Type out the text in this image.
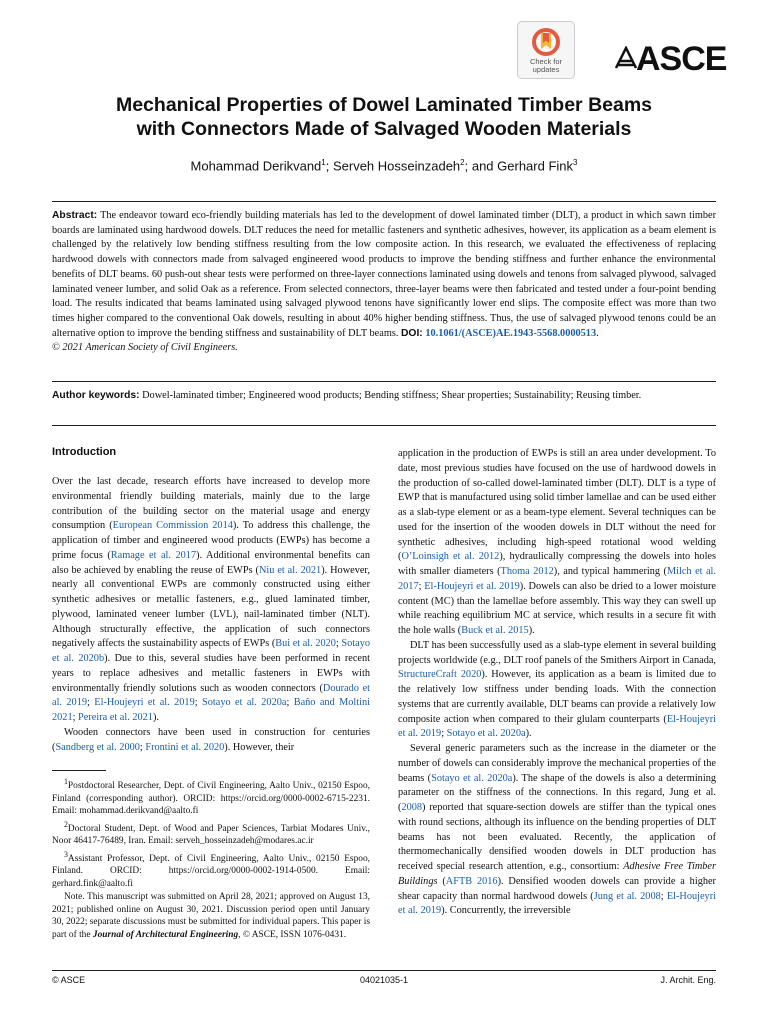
Check for
updates	ASCE
Mechanical Properties of Dowel Laminated Timber Beams
with Connectors Made of Salvaged Wooden Materials
Mohammad Derikvand$^1$; Serveh Hosseinzadeh$^2$; and Gerhard Fink$^3$
Abstract: The endeavor toward eco-friendly building materials has led to the development of dowel laminated timber (DLT), a product in which sawn timber boards are laminated using hardwood dowels. DLT reduces the need for metallic fasteners and synthetic adhesives, however, its application as a beam element is challenged by the relatively low bending stiffness resulting from the low composite action. In this research, we evaluated the effectiveness of replacing hardwood dowels with connectors made from salvaged engineered wood products to improve the bending stiffness and further enhance the environmental benefits of DLT beams. 60 push-out shear tests were performed on three-layer connections laminated using dowels and tenons from salvaged plywood, salvaged laminated veneer lumber, and solid Oak as a reference. From selected connectors, three-layer beams were then fabricated and tested under a four-point bending load. The results indicated that beams laminated using salvaged plywood tenons have significantly lower end slips. The composite effect was more than two times higher compared to the conventional Oak dowels, resulting in about 40% higher bending stiffness. Thus, the use of salvaged plywood tenons could be an alternative option to improve the bending stiffness and sustainability of DLT beams. DOI: 10.1061/(ASCE)AE.1943-5568.0000513.
© 2021 American Society of Civil Engineers.
Author keywords: Dowel-laminated timber; Engineered wood products; Bending stiffness; Shear properties; Sustainability; Reusing timber.
Introduction

Over the last decade, research efforts have increased to develop more environmental friendly building materials, mainly due to the large contribution of the building sector on the material usage and energy consumption (European Commission 2014). To address this challenge, the application of timber and engineered wood products (EWPs) has become a prime focus (Ramage et al. 2017). Additional environmental benefits can also be achieved by enabling the reuse of EWPs (Niu et al. 2021). However, nearly all conventional EWPs are commonly constructed using either synthetic adhesives or metallic fasteners, e.g., glued laminated timber, plywood, laminated veneer lumber (LVL), nail-laminated timber (NLT). Although structurally effective, the application of such connectors negatively affects the sustainability aspects of EWPs (Bui et al. 2020; Sotayo et al. 2020b). Due to this, several studies have been performed in recent years to replace adhesives and metallic fasteners in EWPs with environmentally friendly solutions such as wooden connectors (Dourado et al. 2019; El-Houjeyri et al. 2019; Sotayo et al. 2020a; Baño and Moltini 2021; Pereira et al. 2021).

Wooden connectors have been used in construction for centuries (Sandberg et al. 2000; Frontini et al. 2020). However, their

$^1$Postdoctoral Researcher, Dept. of Civil Engineering, Aalto Univ., 02150 Espoo, Finland (corresponding author). ORCID: https://orcid.org/0000-0002-6715-2231. Email: mohammad.derikvand@aalto.fi

$^2$Doctoral Student, Dept. of Wood and Paper Sciences, Tarbiat Modares Univ., Noor 46417-76489, Iran. Email: serveh_hosseinzadeh@modares.ac.ir

$^3$Assistant Professor, Dept. of Civil Engineering, Aalto Univ., 02150 Espoo, Finland. ORCID: https://orcid.org/0000-0002-1914-0500. Email: gerhard.fink@aalto.fi

Note. This manuscript was submitted on April 28, 2021; approved on August 13, 2021; published online on August 30, 2021. Discussion period open until January 30, 2022; separate discussions must be submitted for individual papers. This paper is part of the Journal of Architectural Engineering, © ASCE, ISSN 1076-0431.

application in the production of EWPs is still an area under development. To date, most previous studies have focused on the use of hardwood dowels in the production of so-called dowel-laminated timber (DLT). DLT is a type of EWP that is manufactured using solid timber lamellae and can be used either as a slab-type element or as a beam-type element. Several techniques can be used for the insertion of the wooden dowels in DLT without the need for synthetic adhesives, including high-speed rotational wood welding (O’Loinsigh et al. 2012), hydraulically compressing the dowels into holes with smaller diameters (Thoma 2012), and typical hammering (Milch et al. 2017; El-Houjeyri et al. 2019). Dowels can also be dried to a lower moisture content (MC) than the lamellae before assembly. This way they can swell up while reaching equilibrium MC at service, which results in a secure fit with the hole walls (Buck et al. 2015).

DLT has been successfully used as a slab-type element in several building projects worldwide (e.g., DLT roof panels of the Smithers Airport in Canada, StructureCraft 2020). However, its application as a beam is limited due to the relatively low stiffness under bending loads. With the connection systems that are currently available, DLT beams can provide a relatively low composite action when compared to their glulam counterparts (El-Houjeyri et al. 2019; Sotayo et al. 2020a).

Several generic parameters such as the increase in the diameter or the number of dowels can considerably improve the mechanical properties of the beams (Sotayo et al. 2020a). The shape of the dowels is also a determining parameter on the stiffness of the connections. In this regard, Jung et al. (2008) reported that square-section dowels are stiffer than the typical ones with round sections, although its influence on the bending properties of DLT beams has not been evaluated. Recently, the application of thermomechanically densified wooden dowels in DLT production has received special research attention, e.g., consortium: Adhesive Free Timber Buildings (AFTB 2016). Densified wooden dowels can provide a higher shear capacity than normal hardwood dowels (Jung et al. 2008; El-Houjeyri et al. 2019). Concurrently, the irreversible

© ASCE	04021035-1	J. Archit. Eng.
